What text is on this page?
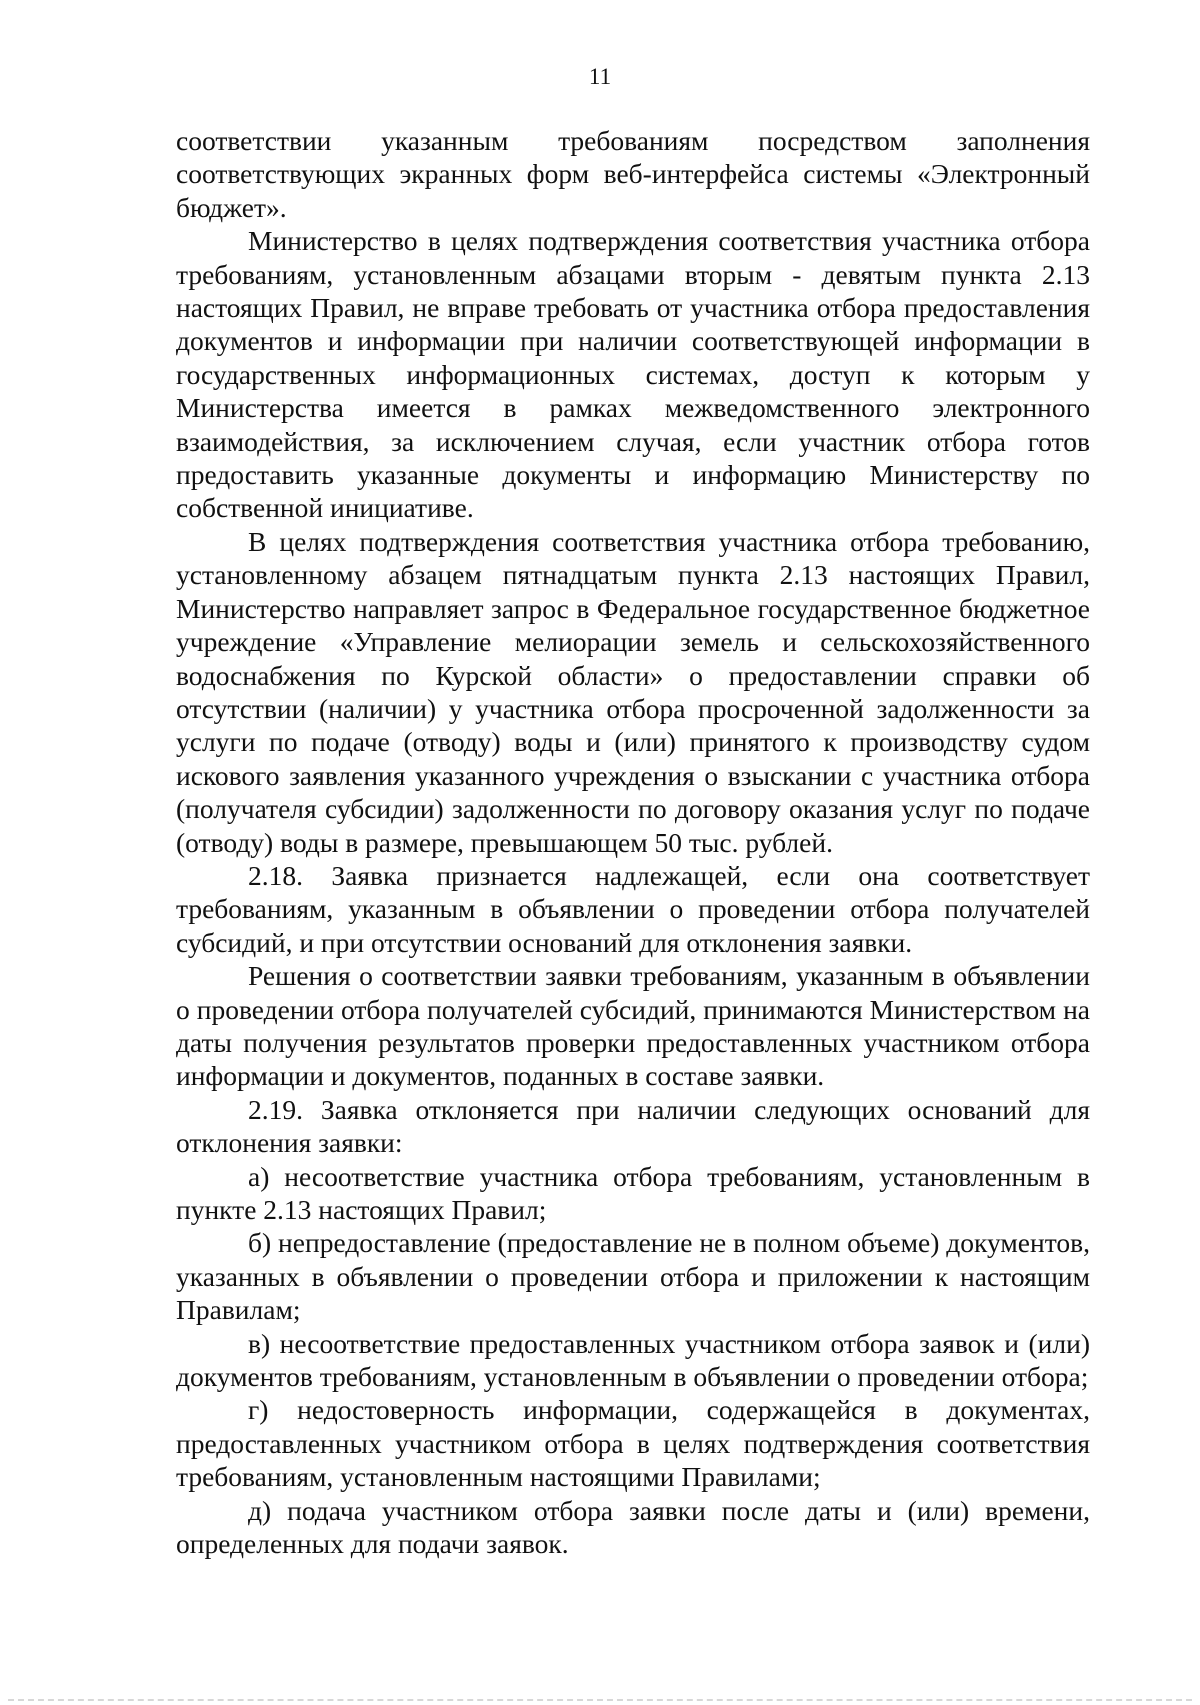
11

соответствии указанным требованиям посредством заполнения соответствующих экранных форм веб-интерфейса системы «Электронный бюджет».

Министерство в целях подтверждения соответствия участника отбора требованиям, установленным абзацами вторым - девятым пункта 2.13 настоящих Правил, не вправе требовать от участника отбора предоставления документов и информации при наличии соответствующей информации в государственных информационных системах, доступ к которым у Министерства имеется в рамках межведомственного электронного взаимодействия, за исключением случая, если участник отбора готов предоставить указанные документы и информацию Министерству по собственной инициативе.

В целях подтверждения соответствия участника отбора требованию, установленному абзацем пятнадцатым пункта 2.13 настоящих Правил, Министерство направляет запрос в Федеральное государственное бюджетное учреждение «Управление мелиорации земель и сельскохозяйственного водоснабжения по Курской области» о предоставлении справки об отсутствии (наличии) у участника отбора просроченной задолженности за услуги по подаче (отводу) воды и (или) принятого к производству судом искового заявления указанного учреждения о взыскании с участника отбора (получателя субсидии) задолженности по договору оказания услуг по подаче (отводу) воды в размере, превышающем 50 тыс. рублей.

2.18. Заявка признается надлежащей, если она соответствует требованиям, указанным в объявлении о проведении отбора получателей субсидий, и при отсутствии оснований для отклонения заявки.

Решения о соответствии заявки требованиям, указанным в объявлении о проведении отбора получателей субсидий, принимаются Министерством на даты получения результатов проверки предоставленных участником отбора информации и документов, поданных в составе заявки.

2.19. Заявка отклоняется при наличии следующих оснований для отклонения заявки:

а) несоответствие участника отбора требованиям, установленным в пункте 2.13 настоящих Правил;

б) непредоставление (предоставление не в полном объеме) документов, указанных в объявлении о проведении отбора и приложении к настоящим Правилам;

в) несоответствие предоставленных участником отбора заявок и (или) документов требованиям, установленным в объявлении о проведении отбора;

г) недостоверность информации, содержащейся в документах, предоставленных участником отбора в целях подтверждения соответствия требованиям, установленным настоящими Правилами;

д) подача участником отбора заявки после даты и (или) времени, определенных для подачи заявок.
